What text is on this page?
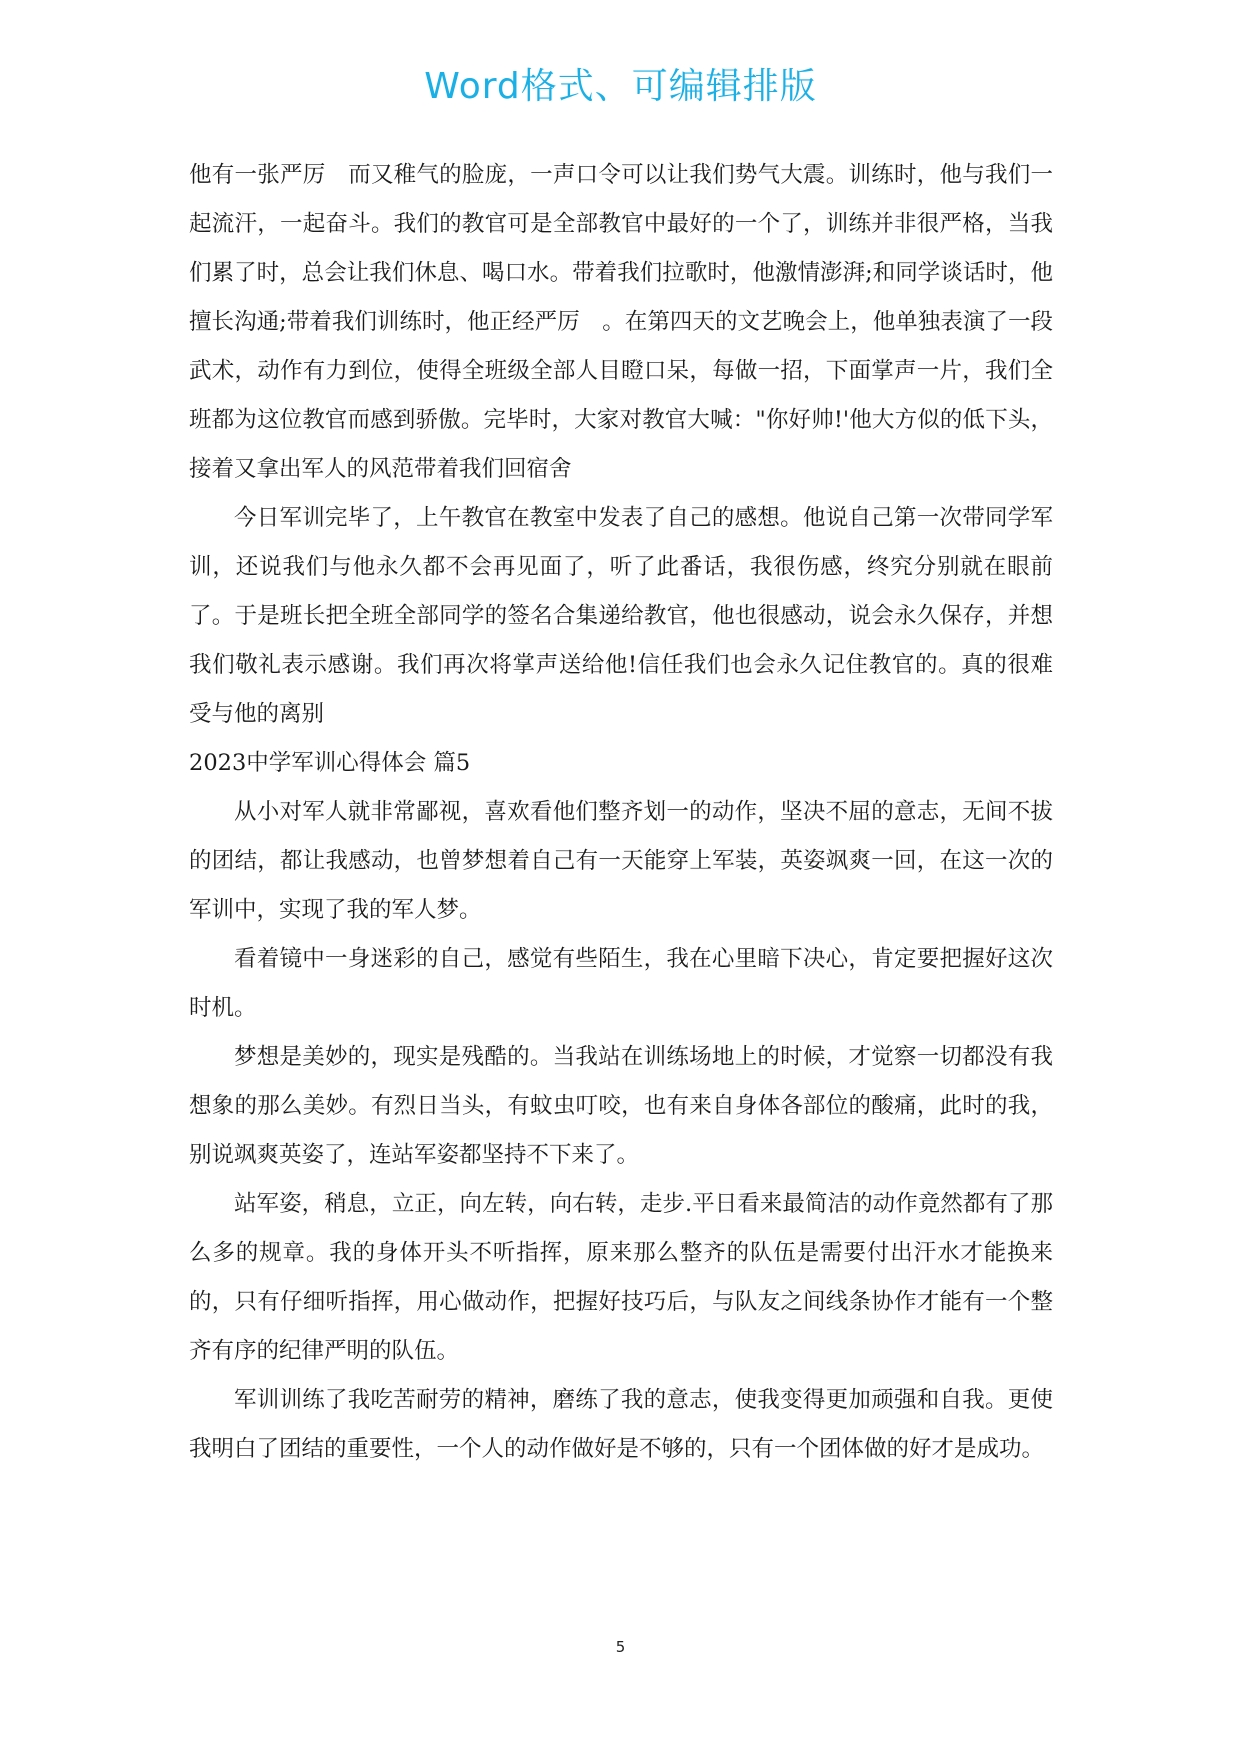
Word格式、可编辑排版

他有一张严厉　而又稚气的脸庞，一声口令可以让我们势气大震。训练时，他与我们一起流汗，一起奋斗。我们的教官可是全部教官中最好的一个了，训练并非很严格，当我们累了时，总会让我们休息、喝口水。带着我们拉歌时，他激情澎湃;和同学谈话时，他擅长沟通;带着我们训练时，他正经严厉　。在第四天的文艺晚会上，他单独表演了一段武术，动作有力到位，使得全班级全部人目瞪口呆，每做一招，下面掌声一片，我们全班都为这位教官而感到骄傲。完毕时，大家对教官大喊："你好帅!'他大方似的低下头，接着又拿出军人的风范带着我们回宿舍

今日军训完毕了，上午教官在教室中发表了自己的感想。他说自己第一次带同学军训，还说我们与他永久都不会再见面了，听了此番话，我很伤感，终究分别就在眼前了。于是班长把全班全部同学的签名合集递给教官，他也很感动，说会永久保存，并想我们敬礼表示感谢。我们再次将掌声送给他!信任我们也会永久记住教官的。真的很难受与他的离别

2023中学军训心得体会 篇5

从小对军人就非常鄙视，喜欢看他们整齐划一的动作，坚决不屈的意志，无间不拔的团结，都让我感动，也曾梦想着自己有一天能穿上军装，英姿飒爽一回，在这一次的军训中，实现了我的军人梦。

看着镜中一身迷彩的自己，感觉有些陌生，我在心里暗下决心，肯定要把握好这次时机。

梦想是美妙的，现实是残酷的。当我站在训练场地上的时候，才觉察一切都没有我想象的那么美妙。有烈日当头，有蚊虫叮咬，也有来自身体各部位的酸痛，此时的我，别说飒爽英姿了，连站军姿都坚持不下来了。

站军姿，稍息，立正，向左转，向右转，走步.平日看来最简洁的动作竟然都有了那么多的规章。我的身体开头不听指挥，原来那么整齐的队伍是需要付出汗水才能换来的，只有仔细听指挥，用心做动作，把握好技巧后，与队友之间线条协作才能有一个整齐有序的纪律严明的队伍。

军训训练了我吃苦耐劳的精神，磨练了我的意志，使我变得更加顽强和自我。更使我明白了团结的重要性，一个人的动作做好是不够的，只有一个团体做的好才是成功。

5
